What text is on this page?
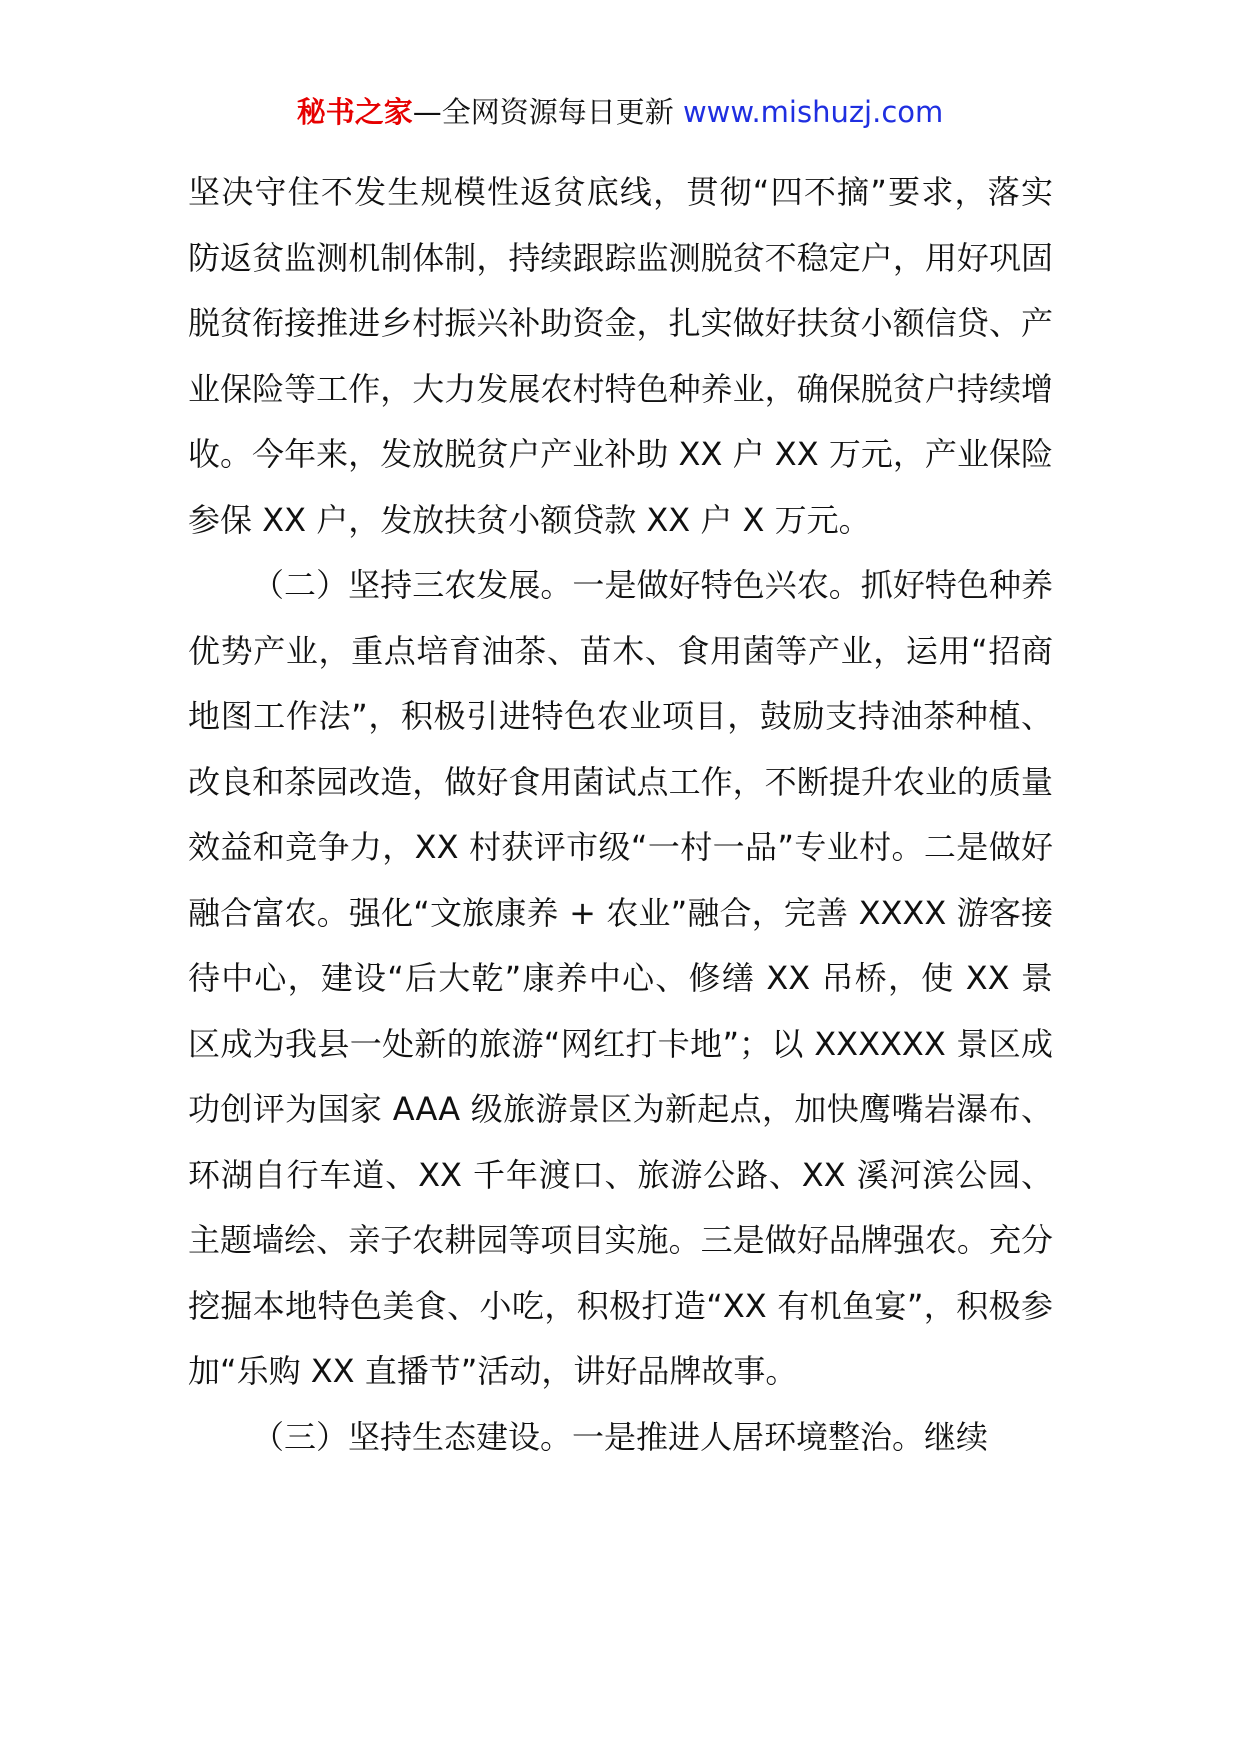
秘书之家—全网资源每日更新 www.mishuzj.com

坚决守住不发生规模性返贫底线，贯彻“四不摘”要求，落实防返贫监测机制体制，持续跟踪监测脱贫不稳定户，用好巩固脱贫衔接推进乡村振兴补助资金，扎实做好扶贫小额信贷、产业保险等工作，大力发展农村特色种养业，确保脱贫户持续增收。今年来，发放脱贫户产业补助 XX 户 XX 万元，产业保险参保 XX 户，发放扶贫小额贷款 XX 户 X 万元。

（二）坚持三农发展。一是做好特色兴农。抓好特色种养优势产业，重点培育油茶、苗木、食用菌等产业，运用“招商地图工作法”，积极引进特色农业项目，鼓励支持油茶种植、改良和茶园改造，做好食用菌试点工作，不断提升农业的质量效益和竞争力，XX 村获评市级“一村一品”专业村。二是做好融合富农。强化“文旅康养 + 农业”融合，完善 XXXX 游客接待中心，建设“后大乾”康养中心、修缮 XX 吊桥，使 XX 景区成为我县一处新的旅游“网红打卡地”；以 XXXXXX 景区成功创评为国家 AAA 级旅游景区为新起点，加快鹰嘴岩瀑布、环湖自行车道、XX 千年渡口、旅游公路、XX 溪河滨公园、主题墙绘、亲子农耕园等项目实施。三是做好品牌强农。充分挖掘本地特色美食、小吃，积极打造“XX 有机鱼宴”，积极参加“乐购 XX 直播节”活动，讲好品牌故事。

（三）坚持生态建设。一是推进人居环境整治。继续
